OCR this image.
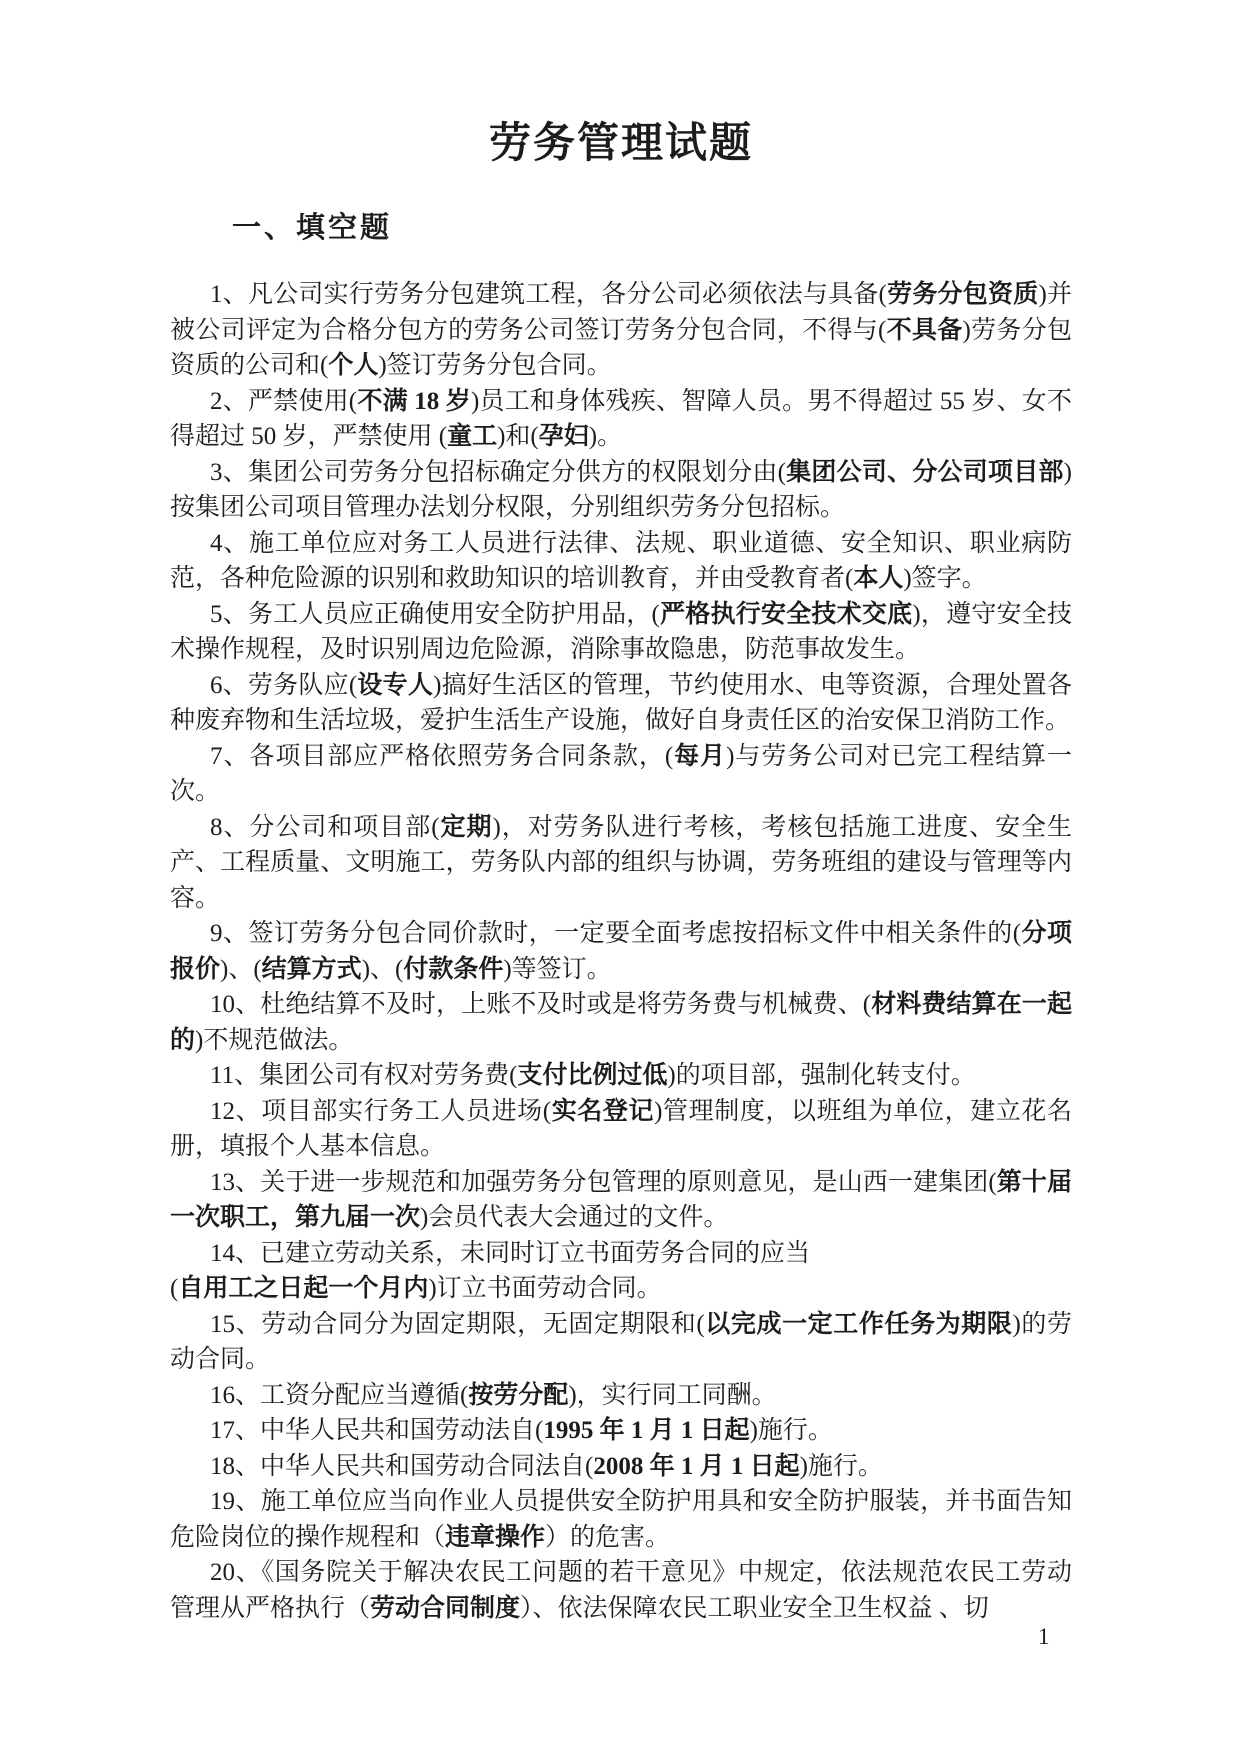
劳务管理试题
一、填空题

1、凡公司实行劳务分包建筑工程，各分公司必须依法与具备(劳务分包资质)并被公司评定为合格分包方的劳务公司签订劳务分包合同，不得与(不具备)劳务分包资质的公司和(个人)签订劳务分包合同。

2、严禁使用(不满 18 岁)员工和身体残疾、智障人员。男不得超过 55 岁、女不得超过 50 岁，严禁使用 (童工)和(孕妇)。

3、集团公司劳务分包招标确定分供方的权限划分由(集团公司、分公司项目部)按集团公司项目管理办法划分权限，分别组织劳务分包招标。

4、施工单位应对务工人员进行法律、法规、职业道德、安全知识、职业病防范，各种危险源的识别和救助知识的培训教育，并由受教育者(本人)签字。

5、务工人员应正确使用安全防护用品，(严格执行安全技术交底)，遵守安全技术操作规程，及时识别周边危险源，消除事故隐患，防范事故发生。

6、劳务队应(设专人)搞好生活区的管理，节约使用水、电等资源，合理处置各种废弃物和生活垃圾，爱护生活生产设施，做好自身责任区的治安保卫消防工作。

7、各项目部应严格依照劳务合同条款，(每月)与劳务公司对已完工程结算一次。

8、分公司和项目部(定期)，对劳务队进行考核，考核包括施工进度、安全生产、工程质量、文明施工，劳务队内部的组织与协调，劳务班组的建设与管理等内容。

9、签订劳务分包合同价款时，一定要全面考虑按招标文件中相关条件的(分项报价)、(结算方式)、(付款条件)等签订。

10、杜绝结算不及时，上账不及时或是将劳务费与机械费、(材料费结算在一起的)不规范做法。

11、集团公司有权对劳务费(支付比例过低)的项目部，强制化转支付。

12、项目部实行务工人员进场(实名登记)管理制度，以班组为单位，建立花名册，填报个人基本信息。

13、关于进一步规范和加强劳务分包管理的原则意见，是山西一建集团(第十届一次职工，第九届一次)会员代表大会通过的文件。

14、已建立劳动关系，未同时订立书面劳务合同的应当
(自用工之日起一个月内)订立书面劳动合同。

15、劳动合同分为固定期限，无固定期限和(以完成一定工作任务为期限)的劳动合同。

16、工资分配应当遵循(按劳分配)，实行同工同酬。

17、中华人民共和国劳动法自(1995 年 1 月 1 日起)施行。

18、中华人民共和国劳动合同法自(2008 年 1 月 1 日起)施行。

19、施工单位应当向作业人员提供安全防护用具和安全防护服装，并书面告知危险岗位的操作规程和（违章操作）的危害。

20、《国务院关于解决农民工问题的若干意见》中规定，依法规范农民工劳动管理从严格执行（劳动合同制度）、依法保障农民工职业安全卫生权益 、切

1
